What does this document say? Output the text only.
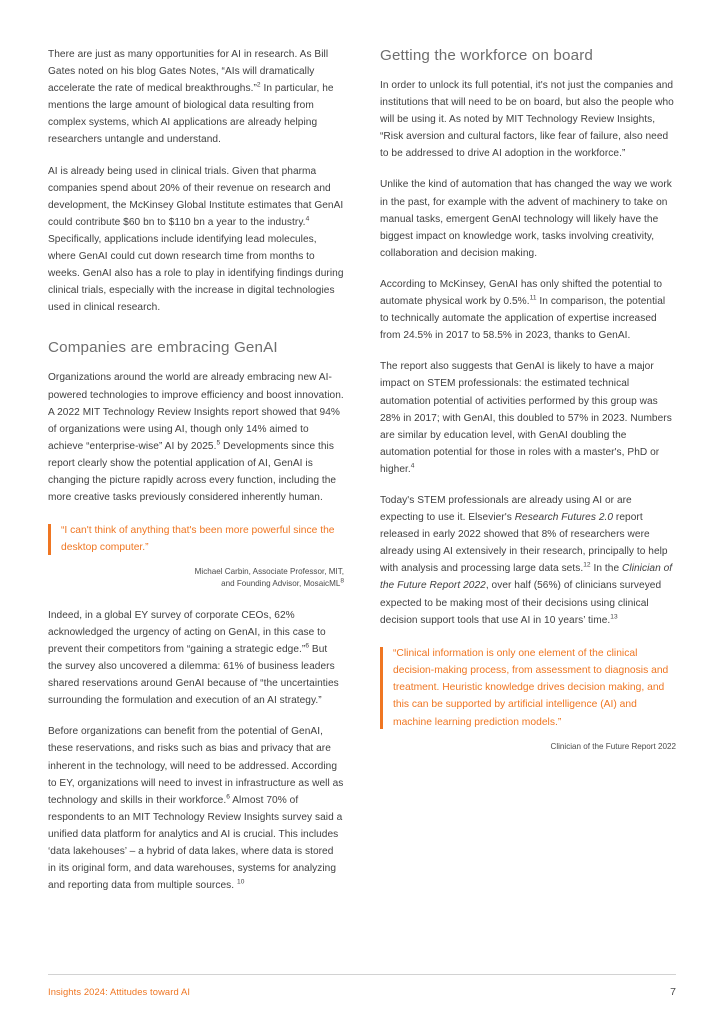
There are just as many opportunities for AI in research. As Bill Gates noted on his blog Gates Notes, “AIs will dramatically accelerate the rate of medical breakthroughs.”$^2$ In particular, he mentions the large amount of biological data resulting from complex systems, which AI applications are already helping researchers untangle and understand.

AI is already being used in clinical trials. Given that pharma companies spend about 20% of their revenue on research and development, the McKinsey Global Institute estimates that GenAI could contribute $60 bn to $110 bn a year to the industry.$^4$ Specifically, applications include identifying lead molecules, where GenAI could cut down research time from months to weeks. GenAI also has a role to play in identifying findings during clinical trials, especially with the increase in digital technologies used in clinical research.

Companies are embracing GenAI

Organizations around the world are already embracing new AI-powered technologies to improve efficiency and boost innovation. A 2022 MIT Technology Review Insights report showed that 94% of organizations were using AI, though only 14% aimed to achieve “enterprise-wise” AI by 2025.$^5$ Developments since this report clearly show the potential application of AI, GenAI is changing the picture rapidly across every function, including the more creative tasks previously considered inherently human.

“I can't think of anything that's been more powerful since the desktop computer.”

Michael Carbin, Associate Professor, MIT,
and Founding Advisor, MosaicML$^8$

Indeed, in a global EY survey of corporate CEOs, 62% acknowledged the urgency of acting on GenAI, in this case to prevent their competitors from “gaining a strategic edge.”$^6$ But the survey also uncovered a dilemma: 61% of business leaders shared reservations around GenAI because of “the uncertainties surrounding the formulation and execution of an AI strategy.”

Before organizations can benefit from the potential of GenAI, these reservations, and risks such as bias and privacy that are inherent in the technology, will need to be addressed. According to EY, organizations will need to invest in infrastructure as well as technology and skills in their workforce.$^6$ Almost 70% of respondents to an MIT Technology Review Insights survey said a unified data platform for analytics and AI is crucial. This includes ‘data lakehouses’ – a hybrid of data lakes, where data is stored in its original form, and data warehouses, systems for analyzing and reporting data from multiple sources. $^{10}$

Getting the workforce on board

In order to unlock its full potential, it's not just the companies and institutions that will need to be on board, but also the people who will be using it. As noted by MIT Technology Review Insights, “Risk aversion and cultural factors, like fear of failure, also need to be addressed to drive AI adoption in the workforce.”

Unlike the kind of automation that has changed the way we work in the past, for example with the advent of machinery to take on manual tasks, emergent GenAI technology will likely have the biggest impact on knowledge work, tasks involving creativity, collaboration and decision making.

According to McKinsey, GenAI has only shifted the potential to automate physical work by 0.5%.$^{11}$ In comparison, the potential to technically automate the application of expertise increased from 24.5% in 2017 to 58.5% in 2023, thanks to GenAI.

The report also suggests that GenAI is likely to have a major impact on STEM professionals: the estimated technical automation potential of activities performed by this group was 28% in 2017; with GenAI, this doubled to 57% in 2023. Numbers are similar by education level, with GenAI doubling the automation potential for those in roles with a master's, PhD or higher.$^4$

Today's STEM professionals are already using AI or are expecting to use it. Elsevier's Research Futures 2.0 report released in early 2022 showed that 8% of researchers were already using AI extensively in their research, principally to help with analysis and processing large data sets.$^{12}$ In the Clinician of the Future Report 2022, over half (56%) of clinicians surveyed expected to be making most of their decisions using clinical decision support tools that use AI in 10 years’ time.$^{13}$

“Clinical information is only one element of the clinical decision-making process, from assessment to diagnosis and treatment. Heuristic knowledge drives decision making, and this can be supported by artificial intelligence (AI) and machine learning prediction models.”

Clinician of the Future Report 2022

Insights 2024: Attitudes toward AI	7
